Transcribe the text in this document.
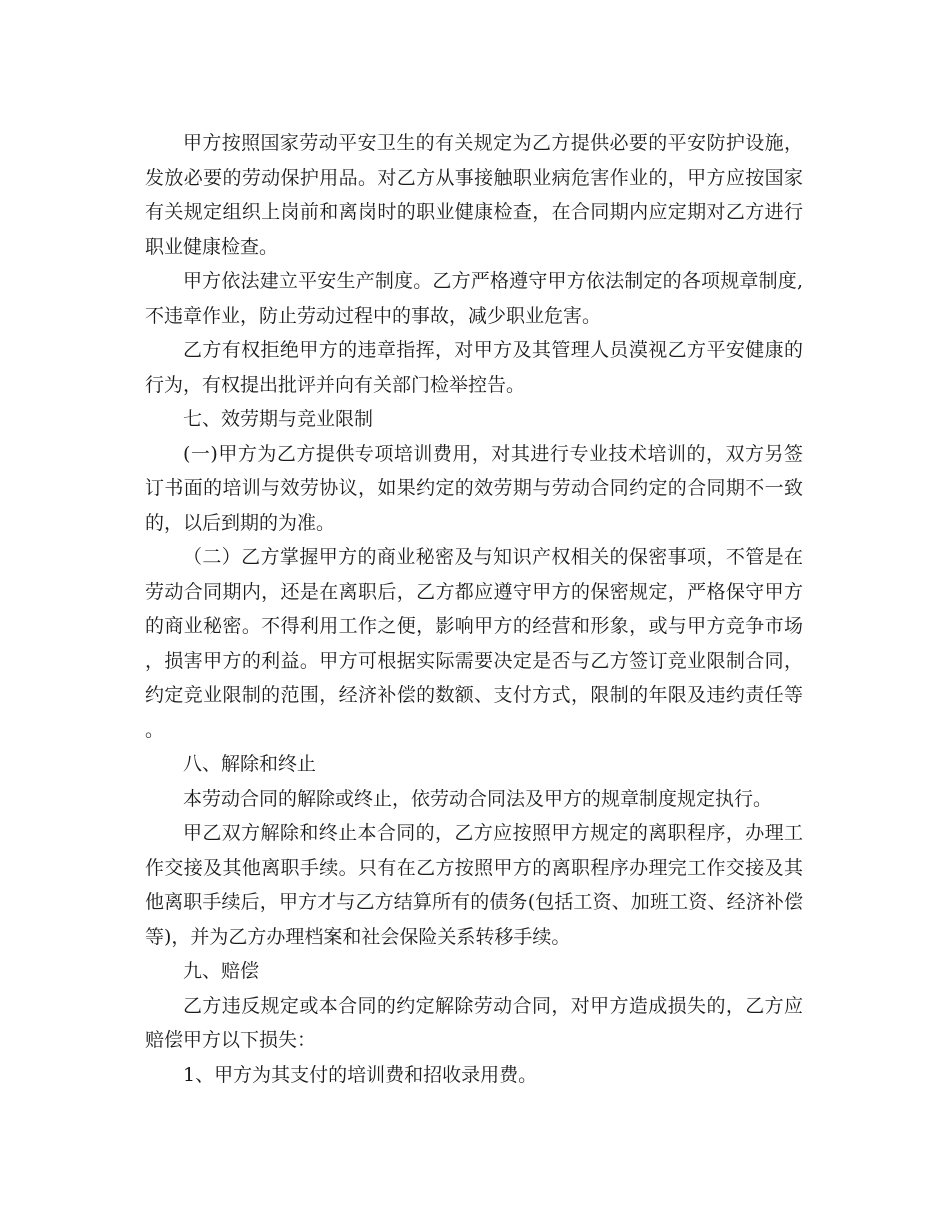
甲方按照国家劳动平安卫生的有关规定为乙方提供必要的平安防护设施，发放必要的劳动保护用品。对乙方从事接触职业病危害作业的，甲方应按国家有关规定组织上岗前和离岗时的职业健康检查，在合同期内应定期对乙方进行职业健康检查。

甲方依法建立平安生产制度。乙方严格遵守甲方依法制定的各项规章制度,不违章作业，防止劳动过程中的事故，减少职业危害。

乙方有权拒绝甲方的违章指挥，对甲方及其管理人员漠视乙方平安健康的行为，有权提出批评并向有关部门检举控告。

七、效劳期与竞业限制

(一)甲方为乙方提供专项培训费用，对其进行专业技术培训的，双方另签订书面的培训与效劳协议，如果约定的效劳期与劳动合同约定的合同期不一致的，以后到期的为准。

（二）乙方掌握甲方的商业秘密及与知识产权相关的保密事项，不管是在劳动合同期内，还是在离职后，乙方都应遵守甲方的保密规定，严格保守甲方的商业秘密。不得利用工作之便，影响甲方的经营和形象，或与甲方竞争市场，损害甲方的利益。甲方可根据实际需要决定是否与乙方签订竞业限制合同，约定竞业限制的范围，经济补偿的数额、支付方式，限制的年限及违约责任等。

八、解除和终止

本劳动合同的解除或终止，依劳动合同法及甲方的规章制度规定执行。

甲乙双方解除和终止本合同的，乙方应按照甲方规定的离职程序，办理工作交接及其他离职手续。只有在乙方按照甲方的离职程序办理完工作交接及其他离职手续后，甲方才与乙方结算所有的债务(包括工资、加班工资、经济补偿等)，并为乙方办理档案和社会保险关系转移手续。

九、赔偿

乙方违反规定或本合同的约定解除劳动合同，对甲方造成损失的，乙方应赔偿甲方以下损失：

1、甲方为其支付的培训费和招收录用费。
